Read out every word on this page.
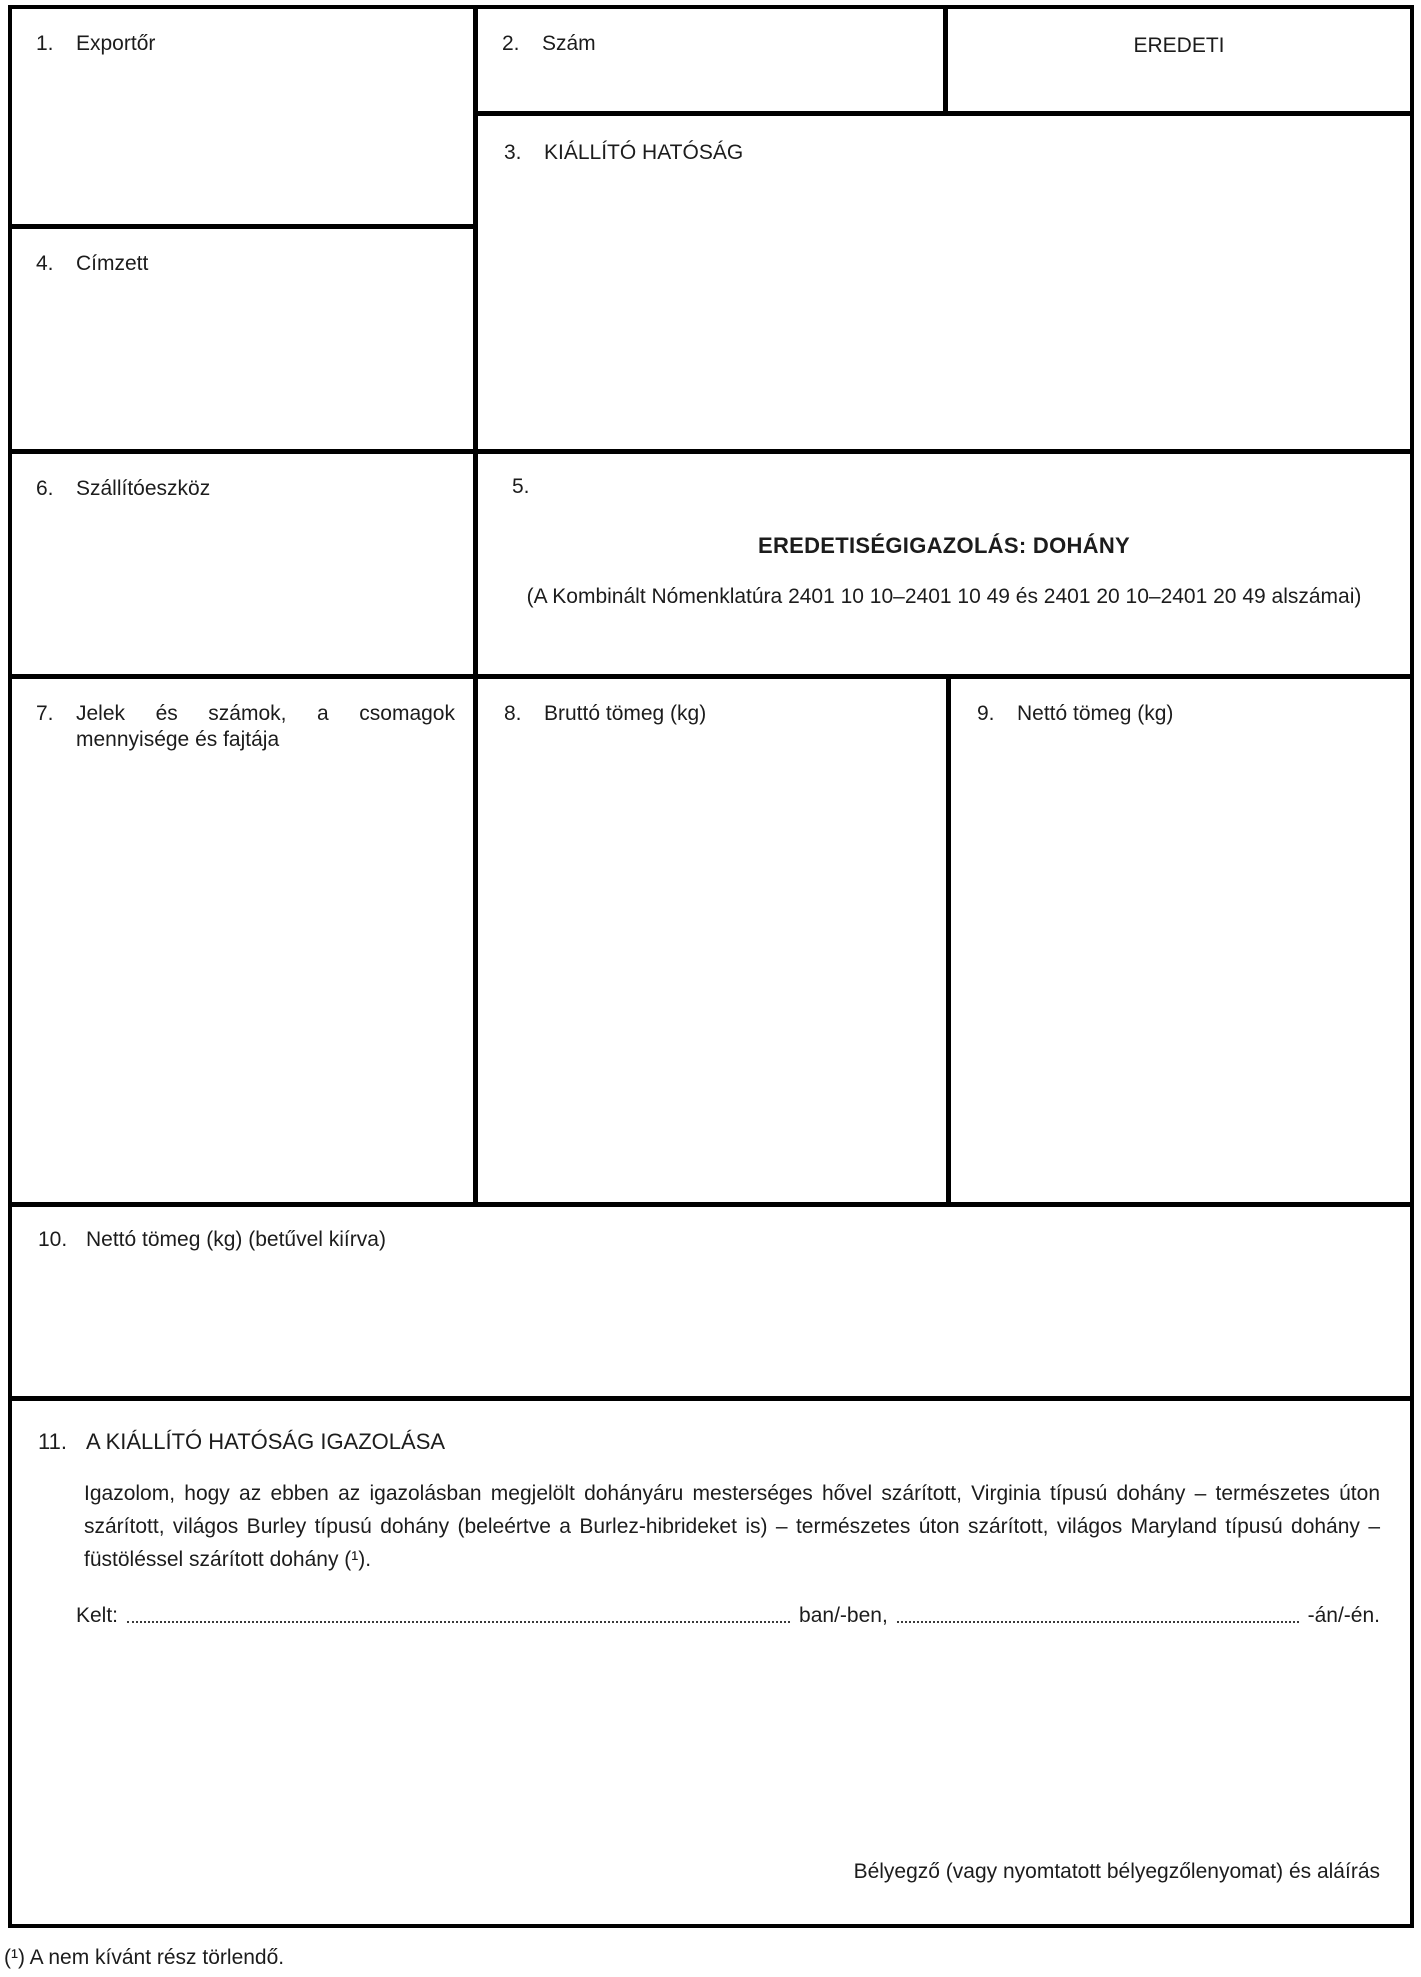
1.	Exportőr	2.	Szám	EREDETI
3.	KIÁLLÍTÓ HATÓSÁG
4.	Címzett
6.	Szállítóeszköz	5.
EREDETISÉGIGAZOLÁS: DOHÁNY
(A Kombinált Nómenklatúra 2401 10 10–2401 10 49 és 2401 20 10–2401 20 49 alszámai)
7.	Jelek és számok, a csomagok mennyisége és fajtája
8.	Bruttó tömeg (kg)	9.	Nettó tömeg (kg)
10. Nettó tömeg (kg) (betűvel kiírva)
11. A KIÁLLÍTÓ HATÓSÁG IGAZOLÁSA
Igazolom, hogy az ebben az igazolásban megjelölt dohányáru mesterséges hővel szárított, Virginia típusú dohány – természetes úton szárított, világos Burley típusú dohány (beleértve a Burlez-hibrideket is) – természetes úton szárított, világos Maryland típusú dohány – füstöléssel szárított dohány (¹).
Kelt:	ban/-ben,	-án/-én.
Bélyegző (vagy nyomtatott bélyegzőlenyomat) és aláírás
(¹) A nem kívánt rész törlendő.
